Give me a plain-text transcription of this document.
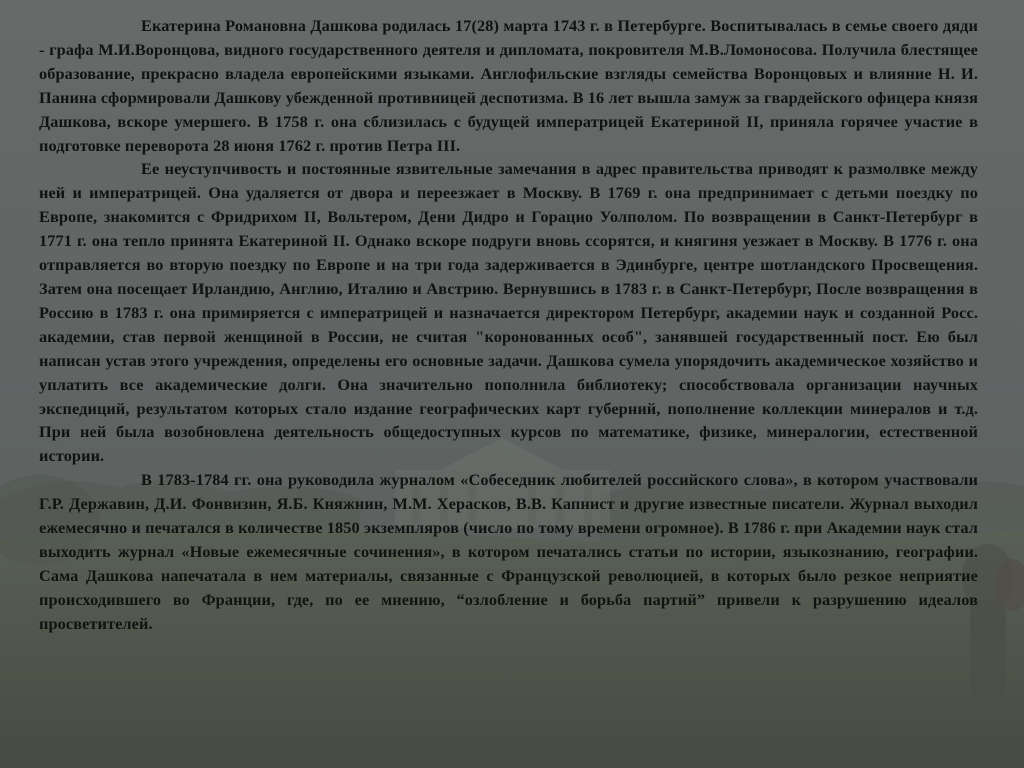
Екатерина Романовна Дашкова родилась 17(28) марта 1743 г. в Петербурге. Воспитывалась в семье своего дяди - графа М.И.Воронцова, видного государственного деятеля и дипломата, покровителя М.В.Ломоносова. Получила блестящее образование, прекрасно владела европейскими языками. Англофильские взгляды семейства Воронцовых и влияние Н. И. Панина сформировали Дашкову убежденной противницей деспотизма. В 16 лет вышла замуж за гвардейского офицера князя Дашкова, вскоре умершего. В 1758 г. она сблизилась с будущей императрицей Екатериной II, приняла горячее участие в подготовке переворота 28 июня 1762 г. против Петра III.

Ее неуступчивость и постоянные язвительные замечания в адрес правительства приводят к размолвке между ней и императрицей. Она удаляется от двора и переезжает в Москву. В 1769 г. она предпринимает с детьми поездку по Европе, знакомится с Фридрихом II, Вольтером, Дени Дидро и Горацио Уолполом. По возвращении в Санкт-Петербург в 1771 г. она тепло принята Екатериной II. Однако вскоре подруги вновь ссорятся, и княгиня уезжает в Москву. В 1776 г. она отправляется во вторую поездку по Европе и на три года задерживается в Эдинбурге, центре шотландского Просвещения. Затем она посещает Ирландию, Англию, Италию и Австрию. Вернувшись в 1783 г. в Санкт-Петербург, После возвращения в Россию в 1783 г. она примиряется с императрицей и назначается директором Петербург, академии наук и созданной Росс. академии, став первой женщиной в России, не считая "коронованных особ", занявшей государственный пост. Ею был написан устав этого учреждения, определены его основные задачи. Дашкова сумела упорядочить академическое хозяйство и уплатить все академические долги. Она значительно пополнила библиотеку; способствовала организации научных экспедиций, результатом которых стало издание географических карт губерний, пополнение коллекции минералов и т.д. При ней была возобновлена деятельность общедоступных курсов по математике, физике, минералогии, естественной истории.

В 1783-1784 гг. она руководила журналом «Собеседник любителей российского слова», в котором участвовали Г.Р. Державин, Д.И. Фонвизин, Я.Б. Княжнин, М.М. Херасков, В.В. Капнист и другие известные писатели. Журнал выходил ежемесячно и печатался в количестве 1850 экземпляров (число по тому времени огромное). В 1786 г. при Академии наук стал выходить журнал «Новые ежемесячные сочинения», в котором печатались статьи по истории, языкознанию, географии. Сама Дашкова напечатала в нем материалы, связанные с Французской революцией, в которых было резкое неприятие происходившего во Франции, где, по ее мнению, “озлобление и борьба партий” привели к разрушению идеалов просветителей.
